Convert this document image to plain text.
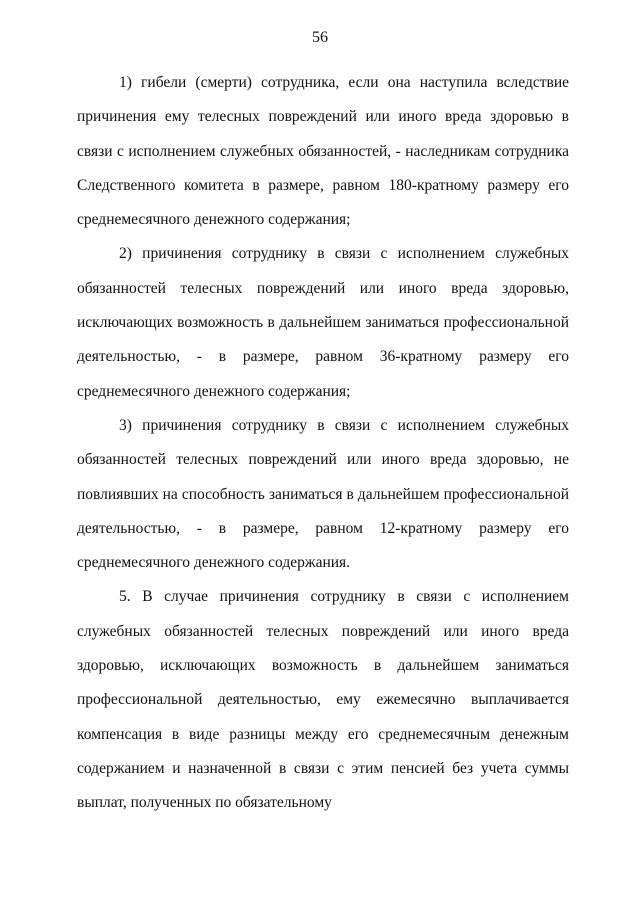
56

1) гибели (смерти) сотрудника, если она наступила вследствие причинения ему телесных повреждений или иного вреда здоровью в связи с исполнением служебных обязанностей, - наследникам сотрудника Следственного комитета в размере, равном 180-кратному размеру его среднемесячного денежного содержания;

2) причинения сотруднику в связи с исполнением служебных обязанностей телесных повреждений или иного вреда здоровью, исключающих возможность в дальнейшем заниматься профессиональной деятельностью, - в размере, равном 36-кратному размеру его среднемесячного денежного содержания;

3) причинения сотруднику в связи с исполнением служебных обязанностей телесных повреждений или иного вреда здоровью, не повлиявших на способность заниматься в дальнейшем профессиональной деятельностью, - в размере, равном 12-кратному размеру его среднемесячного денежного содержания.

5. В случае причинения сотруднику в связи с исполнением служебных обязанностей телесных повреждений или иного вреда здоровью, исключающих возможность в дальнейшем заниматься профессиональной деятельностью, ему ежемесячно выплачивается компенсация в виде разницы между его среднемесячным денежным содержанием и назначенной в связи с этим пенсией без учета суммы выплат, полученных по обязательному
